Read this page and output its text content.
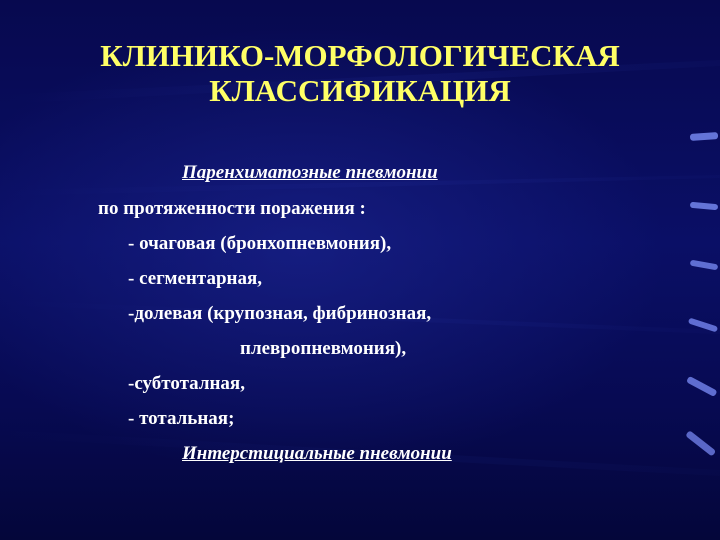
КЛИНИКО-МОРФОЛОГИЧЕСКАЯ
КЛАССИФИКАЦИЯ
Паренхиматозные пневмонии
по протяженности поражения :
- очаговая (бронхопневмония),
- сегментарная,
-долевая (крупозная, фибринозная,
плевропневмония),
-субтоталная,
- тотальная;
Интерстициальные пневмонии
